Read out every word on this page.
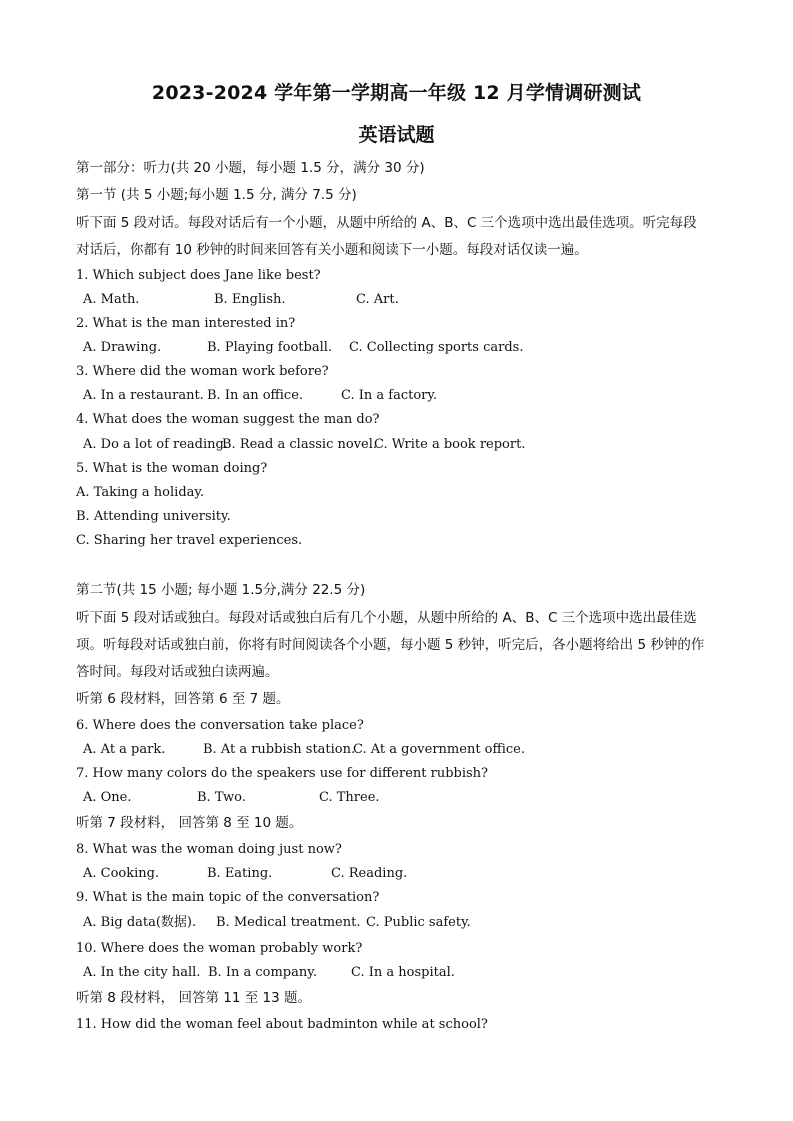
2023-2024 学年第一学期高一年级 12 月学情调研测试
英语试题
第一部分：听力(共 20 小题，每小题 1.5 分，满分 30 分)
第一节 (共 5 小题;每小题 1.5 分, 满分 7.5 分)
听下面 5 段对话。每段对话后有一个小题，从题中所给的 A、B、C 三个选项中选出最佳选项。听完每段
对话后，你都有 10 秒钟的时间来回答有关小题和阅读下一小题。每段对话仅读一遍。
1. Which subject does Jane like best?
A. Math.	B. English.	C. Art.
2. What is the man interested in?
A. Drawing.	B. Playing football. C. Collecting sports cards.
3. Where did the woman work before?
A. In a restaurant. B. In an office.	C. In a factory.
4. What does the woman suggest the man do?
A. Do a lot of reading.
B. Read a classic novel.
C. Write a book report.
5. What is the woman doing?
A. Taking a holiday.
B. Attending university.
C. Sharing her travel experiences.
第二节(共 15 小题; 每小题 1.5分,满分 22.5 分)
听下面 5 段对话或独白。每段对话或独白后有几个小题，从题中所给的 A、B、C 三个选项中选出最佳选
项。听每段对话或独白前，你将有时间阅读各个小题，每小题 5 秒钟，听完后，各小题将给出 5 秒钟的作
答时间。每段对话或独白读两遍。
听第 6 段材料，回答第 6 至 7 题。
6. Where does the conversation take place?
A. At a park.	B. At a rubbish station.
C. At a government office.
7. How many colors do the speakers use for different rubbish?
A. One.	B. Two.	C. Three.
听第 7 段材料， 回答第 8 至 10 题。
8. What was the woman doing just now?
A. Cooking.	B. Eating.	C. Reading.
9. What is the main topic of the conversation?
A. Big data(数据). B. Medical treatment. C. Public safety.
10. Where does the woman probably work?
A. In the city hall. B. In a company.	C. In a hospital.
听第 8 段材料， 回答第 11 至 13 题。
11. How did the woman feel about badminton while at school?
